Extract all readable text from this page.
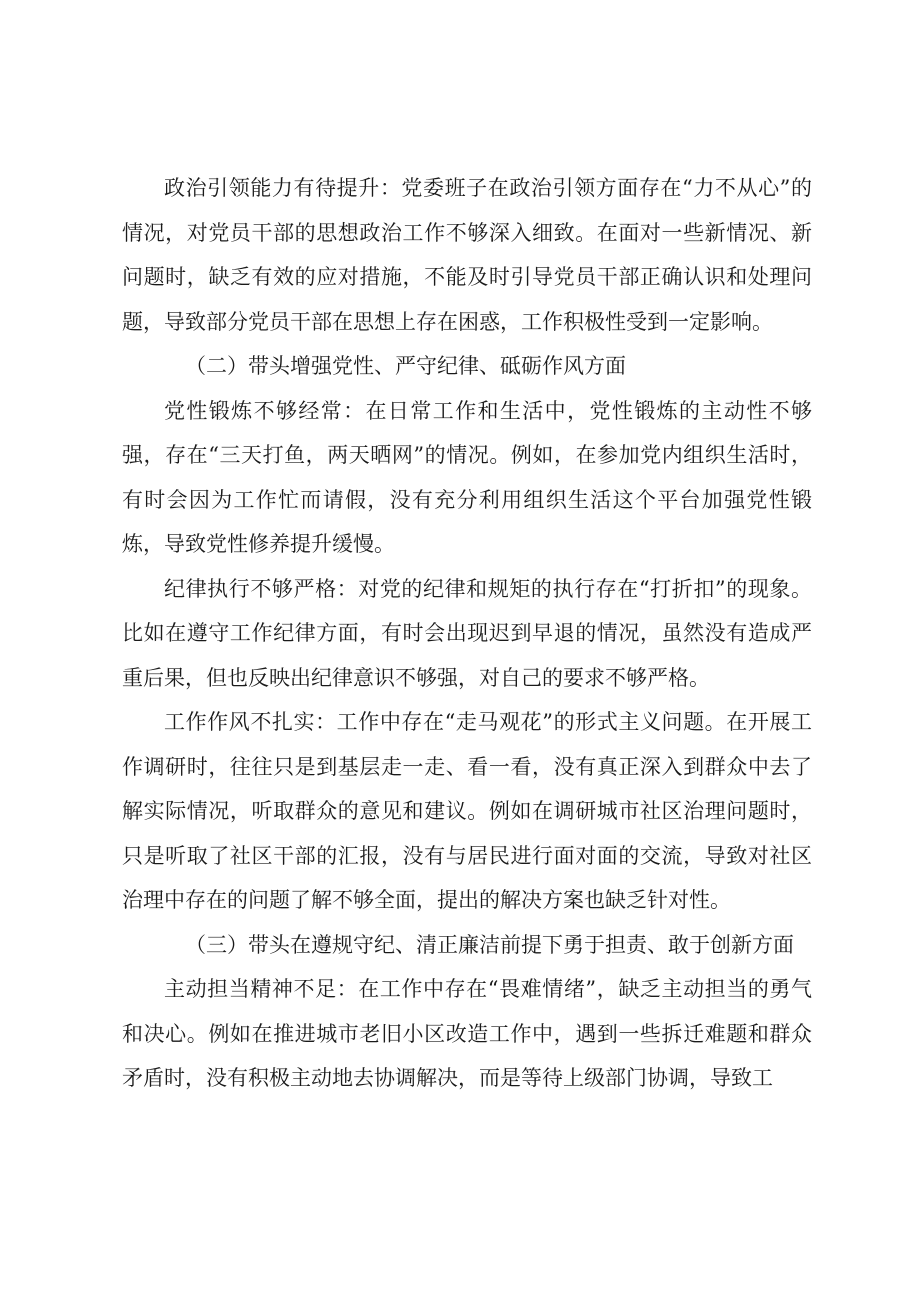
政治引领能力有待提升：党委班子在政治引领方面存在“力不从心”的情况，对党员干部的思想政治工作不够深入细致。在面对一些新情况、新问题时，缺乏有效的应对措施，不能及时引导党员干部正确认识和处理问题，导致部分党员干部在思想上存在困惑，工作积极性受到一定影响。

（二）带头增强党性、严守纪律、砥砺作风方面

党性锻炼不够经常：在日常工作和生活中，党性锻炼的主动性不够强，存在“三天打鱼，两天晒网”的情况。例如，在参加党内组织生活时，有时会因为工作忙而请假，没有充分利用组织生活这个平台加强党性锻炼，导致党性修养提升缓慢。

纪律执行不够严格：对党的纪律和规矩的执行存在“打折扣”的现象。比如在遵守工作纪律方面，有时会出现迟到早退的情况，虽然没有造成严重后果，但也反映出纪律意识不够强，对自己的要求不够严格。

工作作风不扎实：工作中存在“走马观花”的形式主义问题。在开展工作调研时，往往只是到基层走一走、看一看，没有真正深入到群众中去了解实际情况，听取群众的意见和建议。例如在调研城市社区治理问题时，只是听取了社区干部的汇报，没有与居民进行面对面的交流，导致对社区治理中存在的问题了解不够全面，提出的解决方案也缺乏针对性。

（三）带头在遵规守纪、清正廉洁前提下勇于担责、敢于创新方面

主动担当精神不足：在工作中存在“畏难情绪”，缺乏主动担当的勇气和决心。例如在推进城市老旧小区改造工作中，遇到一些拆迁难题和群众矛盾时，没有积极主动地去协调解决，而是等待上级部门协调，导致工
